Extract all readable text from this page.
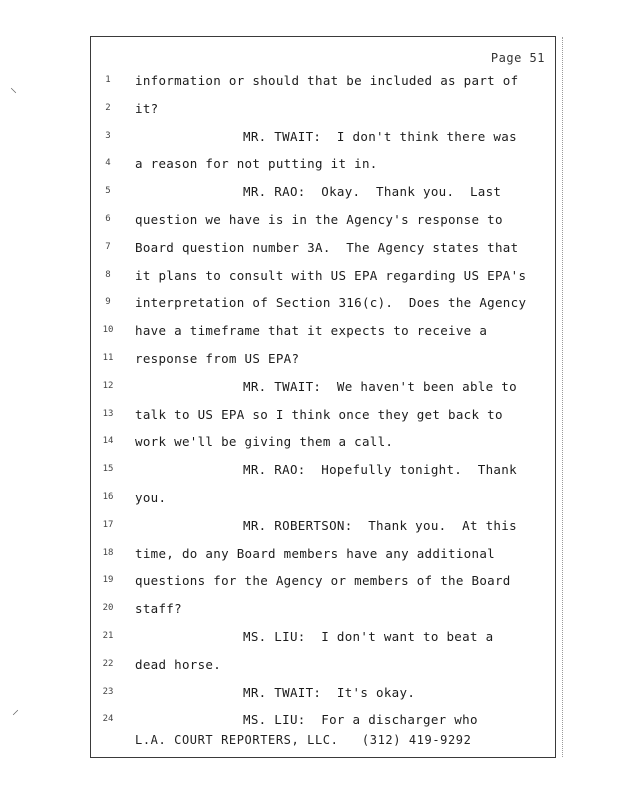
Page 51
1	information or should that be included as part of
2	it?
3	MR. TWAIT:  I don't think there was
4	a reason for not putting it in.
5	MR. RAO:  Okay.  Thank you.  Last
6	question we have is in the Agency's response to
7	Board question number 3A.  The Agency states that
8	it plans to consult with US EPA regarding US EPA's
9	interpretation of Section 316(c).  Does the Agency
10	have a timeframe that it expects to receive a
11	response from US EPA?
12	MR. TWAIT:  We haven't been able to
13	talk to US EPA so I think once they get back to
14	work we'll be giving them a call.
15	MR. RAO:  Hopefully tonight.  Thank
16	you.
17	MR. ROBERTSON:  Thank you.  At this
18	time, do any Board members have any additional
19	questions for the Agency or members of the Board
20	staff?
21	MS. LIU:  I don't want to beat a
22	dead horse.
23	MR. TWAIT:  It's okay.
24	MS. LIU:  For a discharger who
L.A. COURT REPORTERS, LLC.   (312) 419-9292
⸜
⸝
